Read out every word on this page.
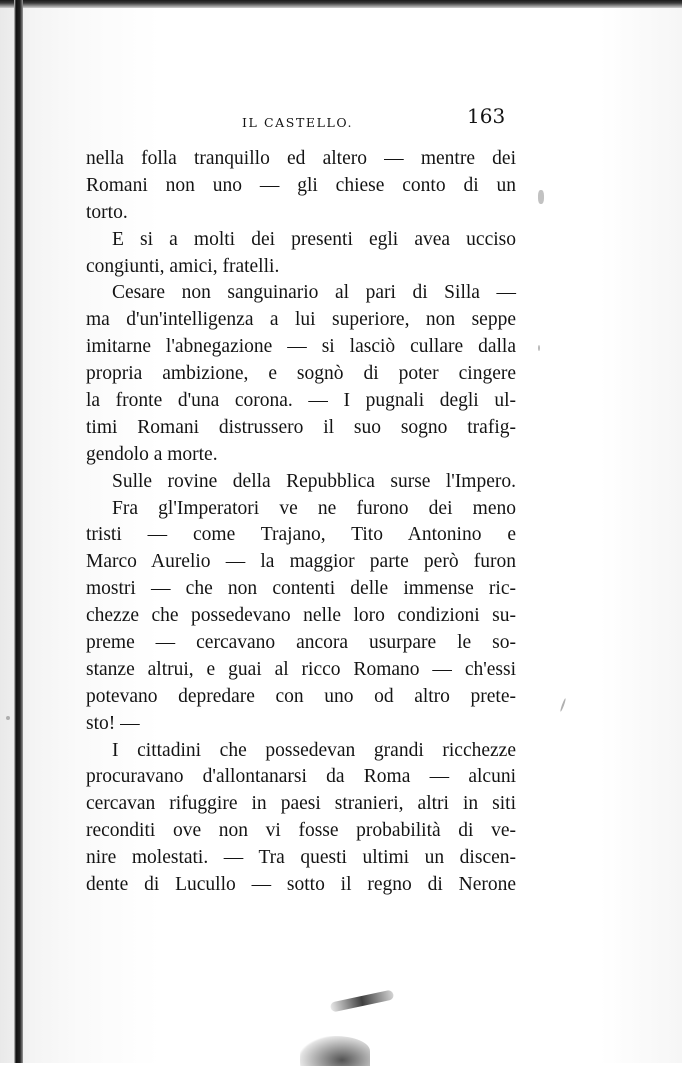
IL CASTELLO.	163
nella folla tranquillo ed altero — mentre dei
Romani non uno — gli chiese conto di un
torto.
E si a molti dei presenti egli avea ucciso
congiunti, amici, fratelli.
Cesare non sanguinario al pari di Silla —
ma d'un'intelligenza a lui superiore, non seppe
imitarne l'abnegazione — si lasciò cullare dalla
propria ambizione, e sognò di poter cingere
la fronte d'una corona. — I pugnali degli ul-
timi Romani distrussero il suo sogno trafig-
gendolo a morte.
Sulle rovine della Repubblica surse l'Impero.
Fra gl'Imperatori ve ne furono dei meno
tristi — come Trajano, Tito Antonino e
Marco Aurelio — la maggior parte però furon
mostri — che non contenti delle immense ric-
chezze che possedevano nelle loro condizioni su-
preme — cercavano ancora usurpare le so-
stanze altrui, e guai al ricco Romano — ch'essi
potevano depredare con uno od altro prete-
sto! —
I cittadini che possedevan grandi ricchezze
procuravano d'allontanarsi da Roma — alcuni
cercavan rifuggire in paesi stranieri, altri in siti
reconditi ove non vi fosse probabilità di ve-
nire molestati. — Tra questi ultimi un discen-
dente di Lucullo — sotto il regno di Nerone
